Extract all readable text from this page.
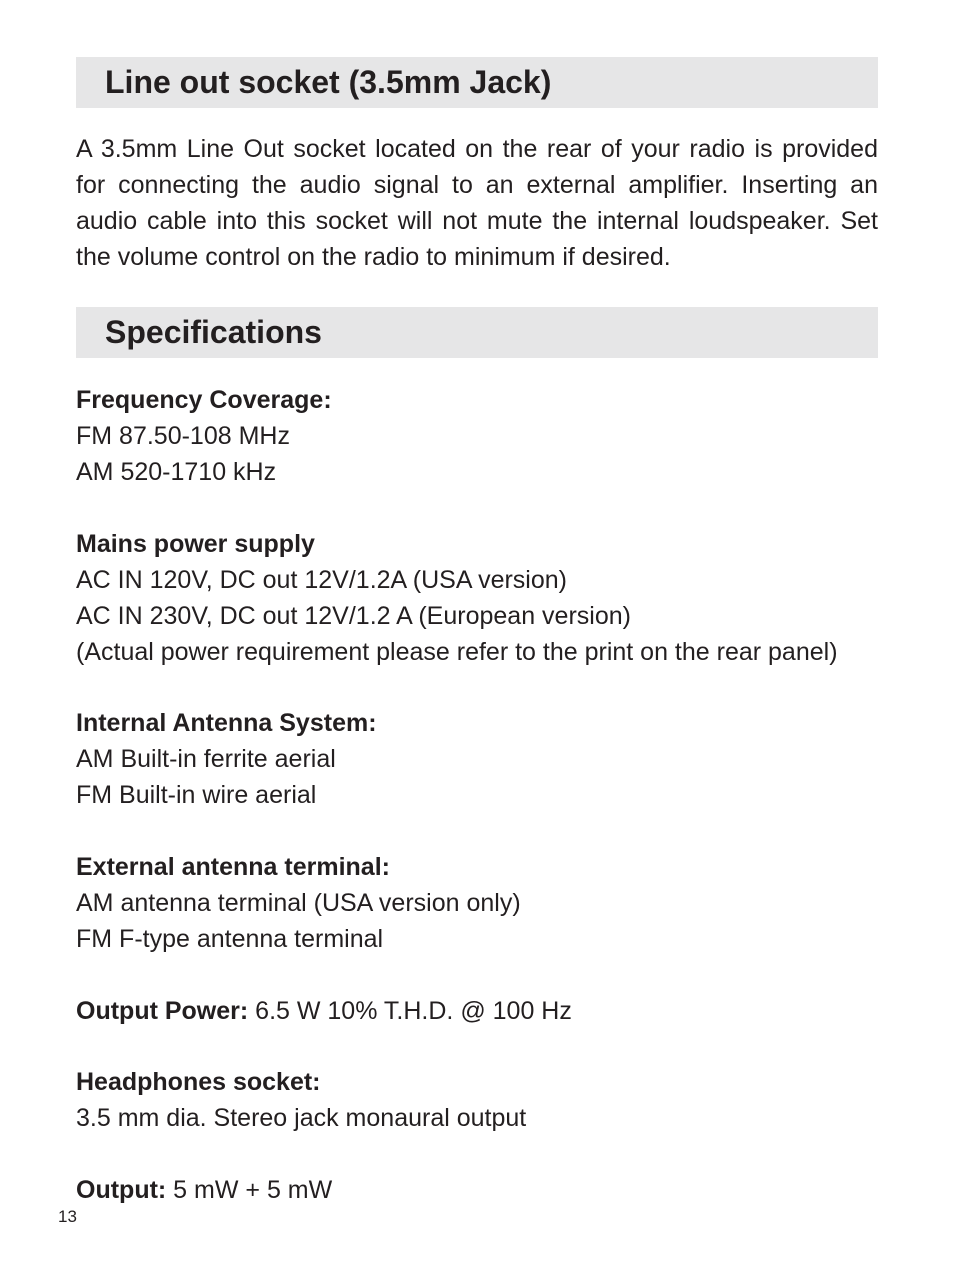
Line out socket (3.5mm Jack)

A 3.5mm Line Out socket located on the rear of your radio is provided for connecting the audio signal to an external amplifier. Inserting an audio cable into this socket will not mute the internal loudspeaker. Set the volume control on the radio to minimum if desired.

Specifications
Frequency Coverage:
FM 87.50-108 MHz
AM 520-1710 kHz
Mains power supply
AC IN 120V, DC out 12V/1.2A (USA version)
AC IN 230V, DC out 12V/1.2 A (European version)
(Actual power requirement please refer to the print on the rear panel)
Internal Antenna System:
AM Built-in ferrite aerial
FM Built-in wire aerial
External antenna terminal:
AM antenna terminal (USA version only)
FM F-type antenna terminal
Output Power: 6.5 W 10% T.H.D. @ 100 Hz
Headphones socket:
3.5 mm dia. Stereo jack monaural output
Output: 5 mW + 5 mW
13
